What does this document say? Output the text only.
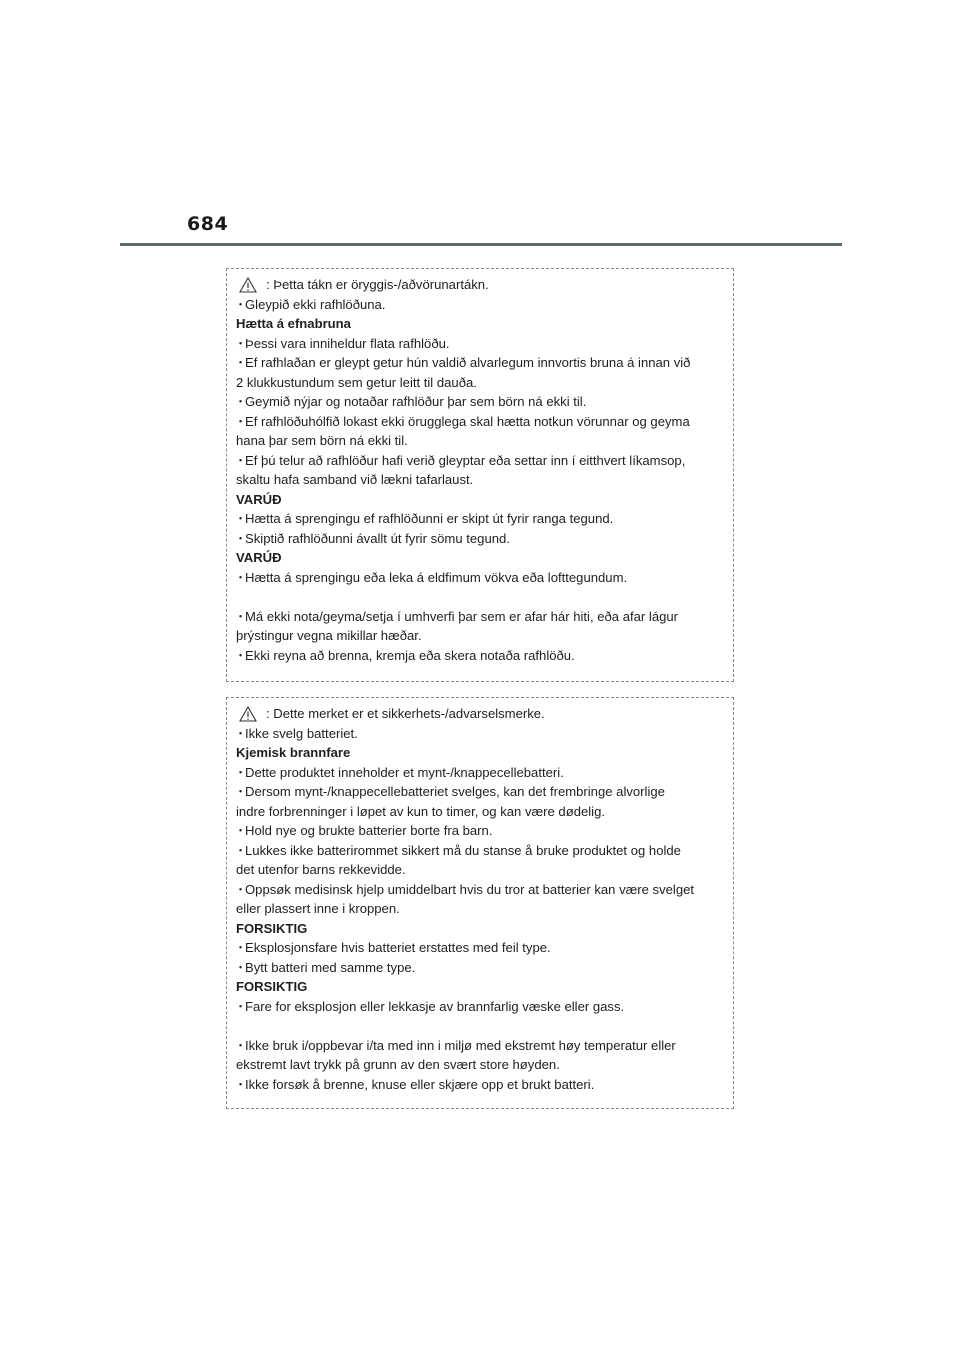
684
: Þetta tákn er öryggis-/aðvörunartákn.
･Gleypið ekki rafhlöðuna.
Hætta á efnabruna
･Þessi vara inniheldur flata rafhlöðu.
･Ef rafhlaðan er gleypt getur hún valdið alvarlegum innvortis bruna á innan við
2 klukkustundum sem getur leitt til dauða.
･Geymið nýjar og notaðar rafhlöður þar sem börn ná ekki til.
･Ef rafhlöðuhólfið lokast ekki örugglega skal hætta notkun vörunnar og geyma
hana þar sem börn ná ekki til.
･Ef þú telur að rafhlöður hafi verið gleyptar eða settar inn í eitthvert líkamsop,
skaltu hafa samband við lækni tafarlaust.
VARÚÐ
･Hætta á sprengingu ef rafhlöðunni er skipt út fyrir ranga tegund.
･Skiptið rafhlöðunni ávallt út fyrir sömu tegund.
VARÚÐ
･Hætta á sprengingu eða leka á eldfimum vökva eða lofttegundum.
･Má ekki nota/geyma/setja í umhverfi þar sem er afar hár hiti, eða afar lágur
þrýstingur vegna mikillar hæðar.
･Ekki reyna að brenna, kremja eða skera notaða rafhlöðu.
: Dette merket er et sikkerhets-/advarselsmerke.
･Ikke svelg batteriet.
Kjemisk brannfare
･Dette produktet inneholder et mynt-/knappecellebatteri.
･Dersom mynt-/knappecellebatteriet svelges, kan det frembringe alvorlige
indre forbrenninger i løpet av kun to timer, og kan være dødelig.
･Hold nye og brukte batterier borte fra barn.
･Lukkes ikke batterirommet sikkert må du stanse å bruke produktet og holde
det utenfor barns rekkevidde.
･Oppsøk medisinsk hjelp umiddelbart hvis du tror at batterier kan være svelget
eller plassert inne i kroppen.
FORSIKTIG
･Eksplosjonsfare hvis batteriet erstattes med feil type.
･Bytt batteri med samme type.
FORSIKTIG
･Fare for eksplosjon eller lekkasje av brannfarlig væske eller gass.
･Ikke bruk i/oppbevar i/ta med inn i miljø med ekstremt høy temperatur eller
ekstremt lavt trykk på grunn av den svært store høyden.
･Ikke forsøk å brenne, knuse eller skjære opp et brukt batteri.
